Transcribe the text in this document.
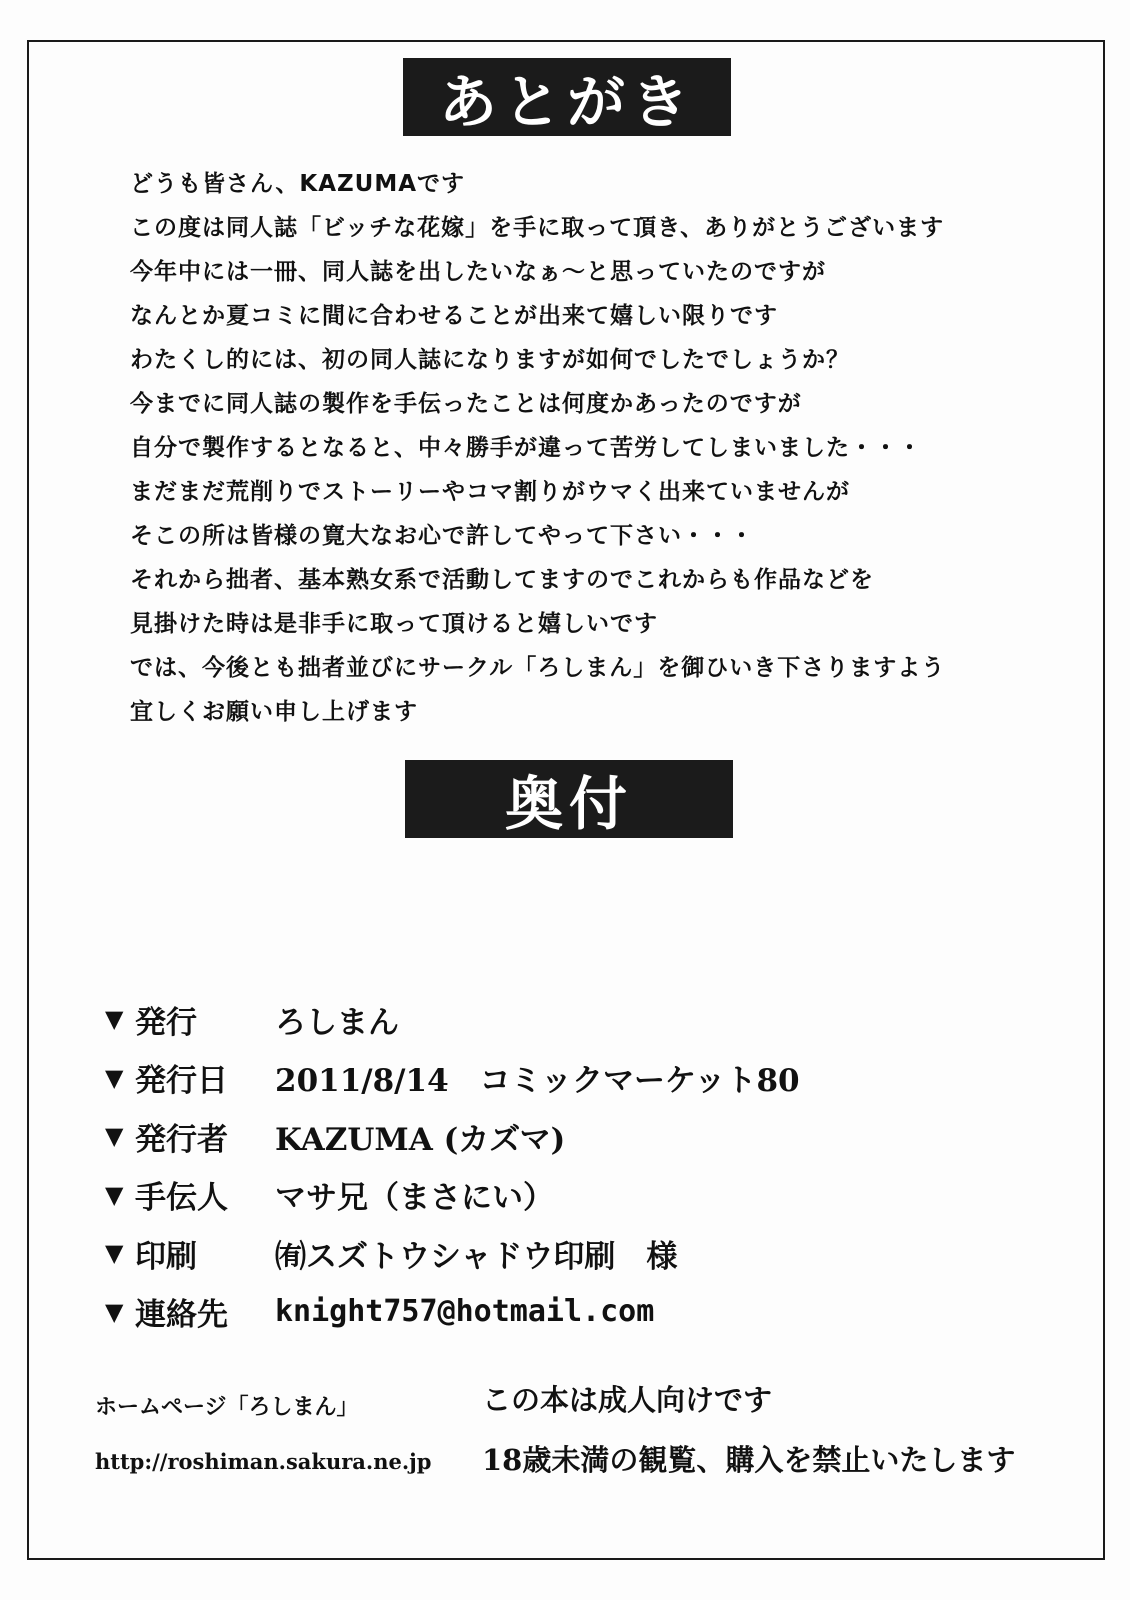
あとがき
どうも皆さん、KAZUMAです
この度は同人誌「ビッチな花嫁」を手に取って頂き、ありがとうございます
今年中には一冊、同人誌を出したいなぁ～と思っていたのですが
なんとか夏コミに間に合わせることが出来て嬉しい限りです
わたくし的には、初の同人誌になりますが如何でしたでしょうか？
今までに同人誌の製作を手伝ったことは何度かあったのですが
自分で製作するとなると、中々勝手が違って苦労してしまいました・・・
まだまだ荒削りでストーリーやコマ割りがウマく出来ていませんが
そこの所は皆様の寛大なお心で許してやって下さい・・・
それから拙者、基本熟女系で活動してますのでこれからも作品などを
見掛けた時は是非手に取って頂けると嬉しいです
では、今後とも拙者並びにサークル「ろしまん」を御ひいき下さりますよう
宜しくお願い申し上げます
奥付
▼ 発行	ろしまん
▼ 発行日	2011/8/14　コミックマーケット80
▼ 発行者	KAZUMA (カズマ)
▼ 手伝人	マサ兄（まさにい）
▼ 印刷	㈲スズトウシャドウ印刷　様
▼ 連絡先	knight757@hotmail.com
ホームページ「ろしまん」
http://roshiman.sakura.ne.jp
この本は成人向けです
18歳未満の観覧、購入を禁止いたします
